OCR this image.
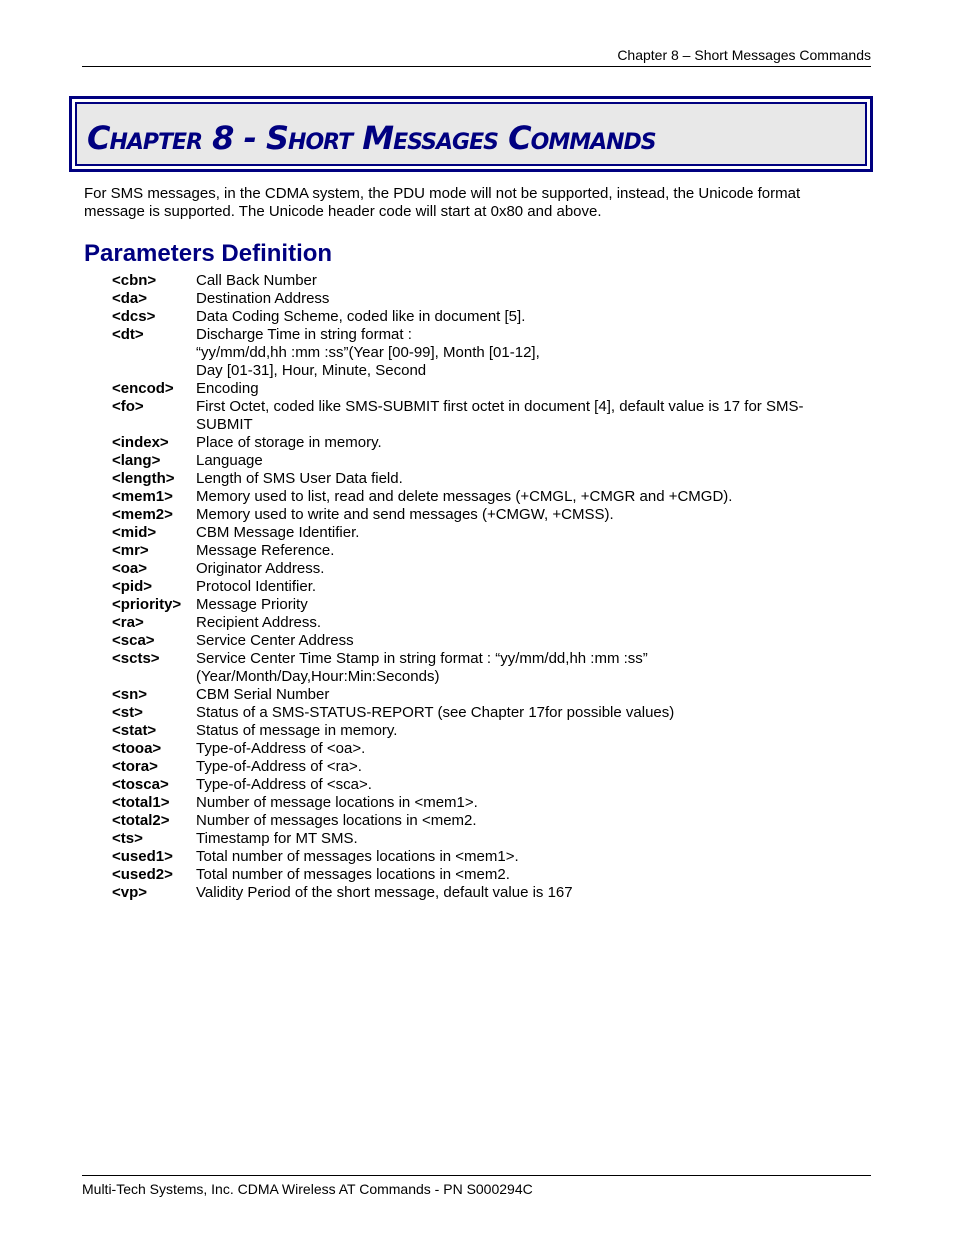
Chapter 8 – Short Messages Commands
Chapter 8 - Short Messages Commands
For SMS messages, in the CDMA system, the PDU mode will not be supported, instead, the Unicode format
message is supported. The Unicode header code will start at 0x80 and above.
Parameters Definition
<cbn>	Call Back Number
<da>	Destination Address
<dcs>	Data Coding Scheme, coded like in document [5].
<dt>	Discharge Time in string format :
“yy/mm/dd,hh :mm :ss”(Year [00-99], Month [01-12],
Day [01-31], Hour, Minute, Second
<encod>	Encoding
<fo>	First Octet, coded like SMS-SUBMIT first octet in document [4], default value is 17 for SMS-
SUBMIT
<index>	Place of storage in memory.
<lang>	Language
<length>	Length of SMS User Data field.
<mem1>	Memory used to list, read and delete messages (+CMGL, +CMGR and +CMGD).
<mem2>	Memory used to write and send messages (+CMGW, +CMSS).
<mid>	CBM Message Identifier.
<mr>	Message Reference.
<oa>	Originator Address.
<pid>	Protocol Identifier.
<priority> Message Priority
<ra>	Recipient Address.
<sca>	Service Center Address
<scts>	Service Center Time Stamp in string format : “yy/mm/dd,hh :mm :ss”
(Year/Month/Day,Hour:Min:Seconds)
<sn>	CBM Serial Number
<st>	Status of a SMS-STATUS-REPORT (see Chapter 17for possible values)
<stat>	Status of message in memory.
<tooa>	Type-of-Address of <oa>.
<tora>	Type-of-Address of <ra>.
<tosca>	Type-of-Address of <sca>.
<total1>	Number of message locations in <mem1>.
<total2>	Number of messages locations in <mem2.
<ts>	Timestamp for MT SMS.
<used1>	Total number of messages locations in <mem1>.
<used2>	Total number of messages locations in <mem2.
<vp>	Validity Period of the short message, default value is 167
Multi-Tech Systems, Inc. CDMA Wireless AT Commands - PN S000294C
